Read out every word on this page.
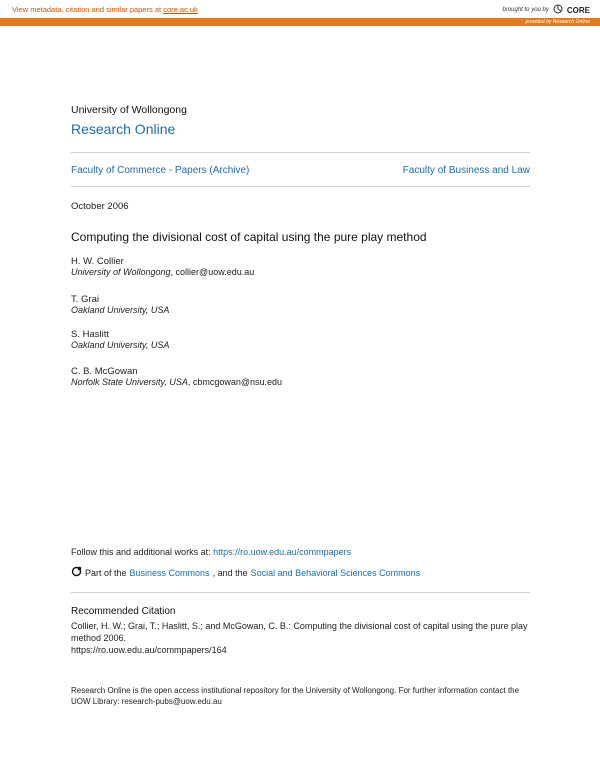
View metadata, citation and similar papers at core.ac.uk	brought to you by CORE
provided by Research Online
University of Wollongong
Research Online
Faculty of Commerce - Papers (Archive)	Faculty of Business and Law
October 2006
Computing the divisional cost of capital using the pure play method
H. W. Collier
University of Wollongong, collier@uow.edu.au
T. Grai
Oakland University, USA
S. Haslitt
Oakland University, USA
C. B. McGowan
Norfolk State University, USA, cbmcgowan@nsu.edu
Follow this and additional works at: https://ro.uow.edu.au/commpapers
Part of the Business Commons , and the Social and Behavioral Sciences Commons
Recommended Citation
Collier, H. W.; Grai, T.; Haslitt, S.; and McGowan, C. B.: Computing the divisional cost of capital using the pure play method 2006.
https://ro.uow.edu.au/commpapers/164
Research Online is the open access institutional repository for the University of Wollongong. For further information contact the UOW Library: research-pubs@uow.edu.au
